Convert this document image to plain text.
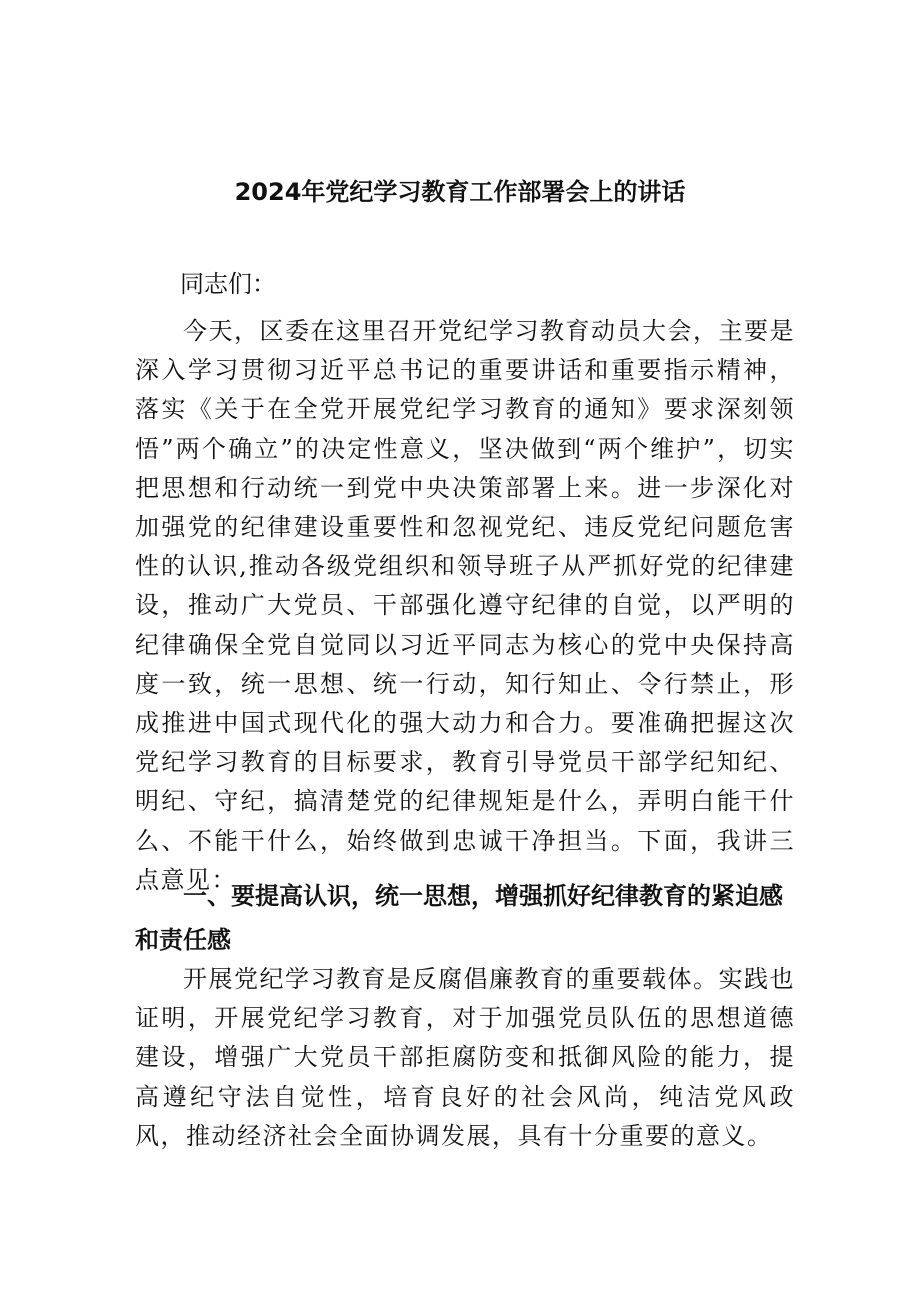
2024年党纪学习教育工作部署会上的讲话
同志们：
今天，区委在这里召开党纪学习教育动员大会，主要是深入学习贯彻习近平总书记的重要讲话和重要指示精神，落实《关于在全党开展党纪学习教育的通知》要求深刻领悟”两个确立”的决定性意义，坚决做到“两个维护”，切实把思想和行动统一到党中央决策部署上来。进一步深化对加强党的纪律建设重要性和忽视党纪、违反党纪问题危害性的认识,推动各级党组织和领导班子从严抓好党的纪律建设，推动广大党员、干部强化遵守纪律的自觉，以严明的纪律确保全党自觉同以习近平同志为核心的党中央保持高度一致，统一思想、统一行动，知行知止、令行禁止，形成推进中国式现代化的强大动力和合力。要准确把握这次党纪学习教育的目标要求，教育引导党员干部学纪知纪、明纪、守纪，搞清楚党的纪律规矩是什么，弄明白能干什么、不能干什么，始终做到忠诚干净担当。下面，我讲三点意见：
一、要提高认识，统一思想，增强抓好纪律教育的紧迫感和责任感
开展党纪学习教育是反腐倡廉教育的重要载体。实践也证明，开展党纪学习教育，对于加强党员队伍的思想道德建设，增强广大党员干部拒腐防变和抵御风险的能力，提高遵纪守法自觉性，培育良好的社会风尚，纯洁党风政风，推动经济社会全面协调发展，具有十分重要的意义。
